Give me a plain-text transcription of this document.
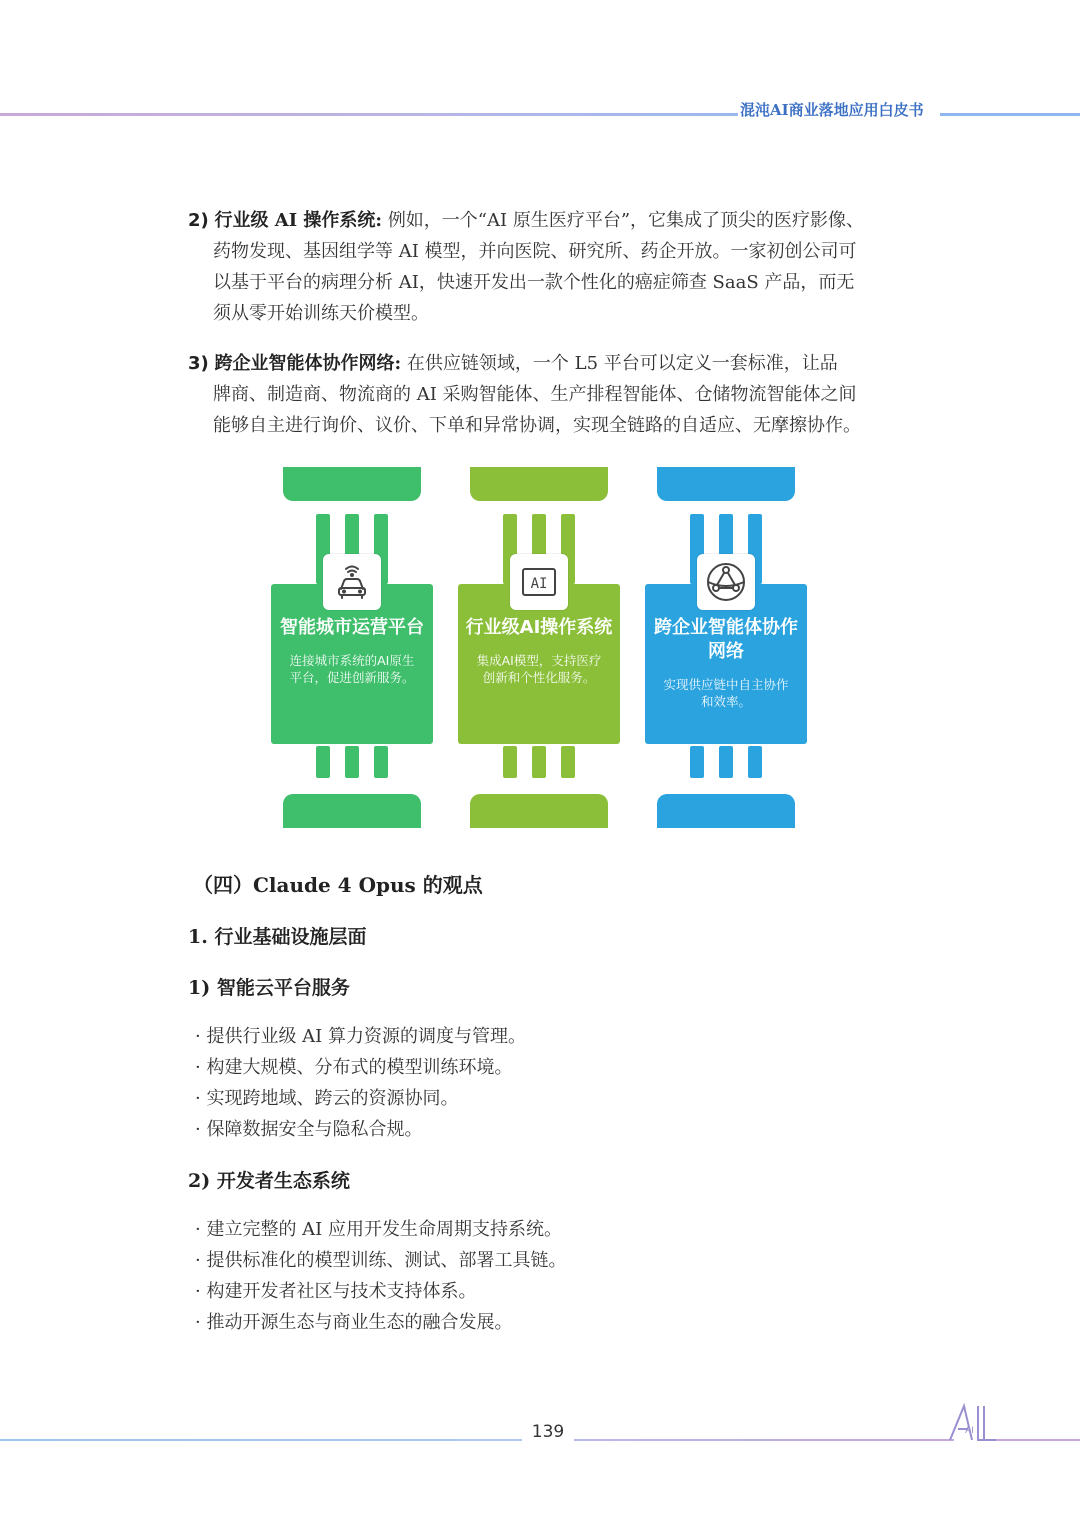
混沌AI商业落地应用白皮书
2) 行业级 AI 操作系统: 例如，一个“AI 原生医疗平台”，它集成了顶尖的医疗影像、
药物发现、基因组学等 AI 模型，并向医院、研究所、药企开放。一家初创公司可
以基于平台的病理分析 AI，快速开发出一款个性化的癌症筛查 SaaS 产品，而无
须从零开始训练天价模型。
3) 跨企业智能体协作网络: 在供应链领域，一个 L5 平台可以定义一套标准，让品
牌商、制造商、物流商的 AI 采购智能体、生产排程智能体、仓储物流智能体之间
能够自主进行询价、议价、下单和异常协调，实现全链路的自适应、无摩擦协作。
智能城市运营平台
连接城市系统的AI原生平台，促进创新服务。
行业级AI操作系统
集成AI模型，支持医疗创新和个性化服务。
AI
跨企业智能体协作网络
实现供应链中自主协作和效率。
（四）Claude 4 Opus 的观点
1. 行业基础设施层面
1) 智能云平台服务
· 提供行业级 AI 算力资源的调度与管理。
· 构建大规模、分布式的模型训练环境。
· 实现跨地域、跨云的资源协同。
· 保障数据安全与隐私合规。
2) 开发者生态系统
· 建立完整的 AI 应用开发生命周期支持系统。
· 提供标准化的模型训练、测试、部署工具链。
· 构建开发者社区与技术支持体系。
· 推动开源生态与商业生态的融合发展。
139	AI
